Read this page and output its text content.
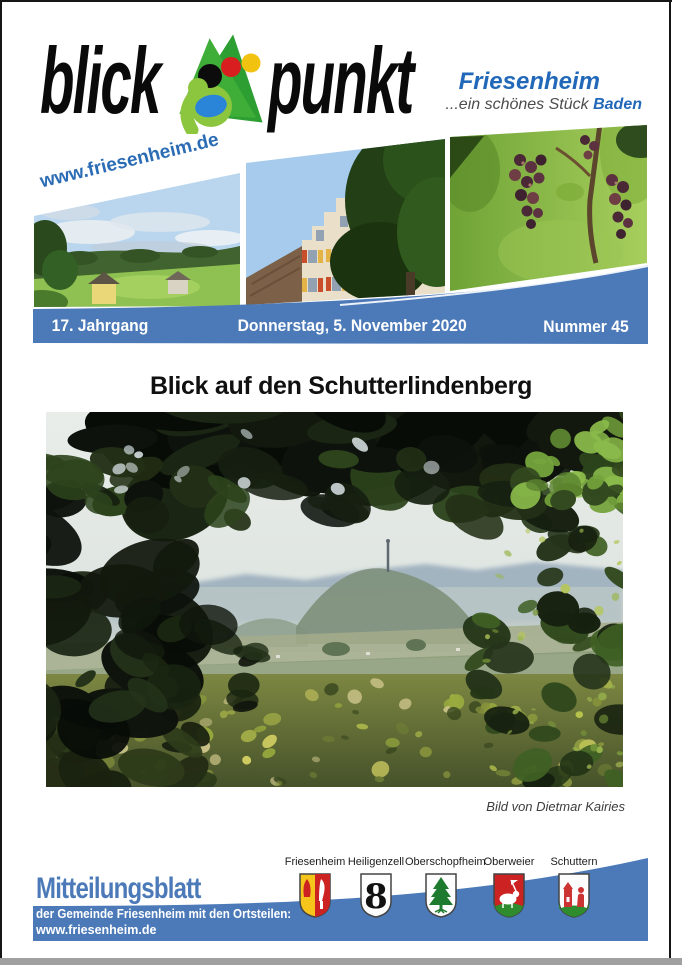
blick punkt	Friesenheim
...ein schönes Stück Baden
www.friesenheim.de
17. Jahrgang	Donnerstag, 5. November 2020	Nummer 45
Blick auf den Schutterlindenberg
Bild von Dietmar Kairies
Mitteilungsblatt
der Gemeinde Friesenheim mit den Ortsteilen:
www.friesenheim.de
Friesenheim Heiligenzell
8
Oberschopfheim
Oberweier	Schuttern
